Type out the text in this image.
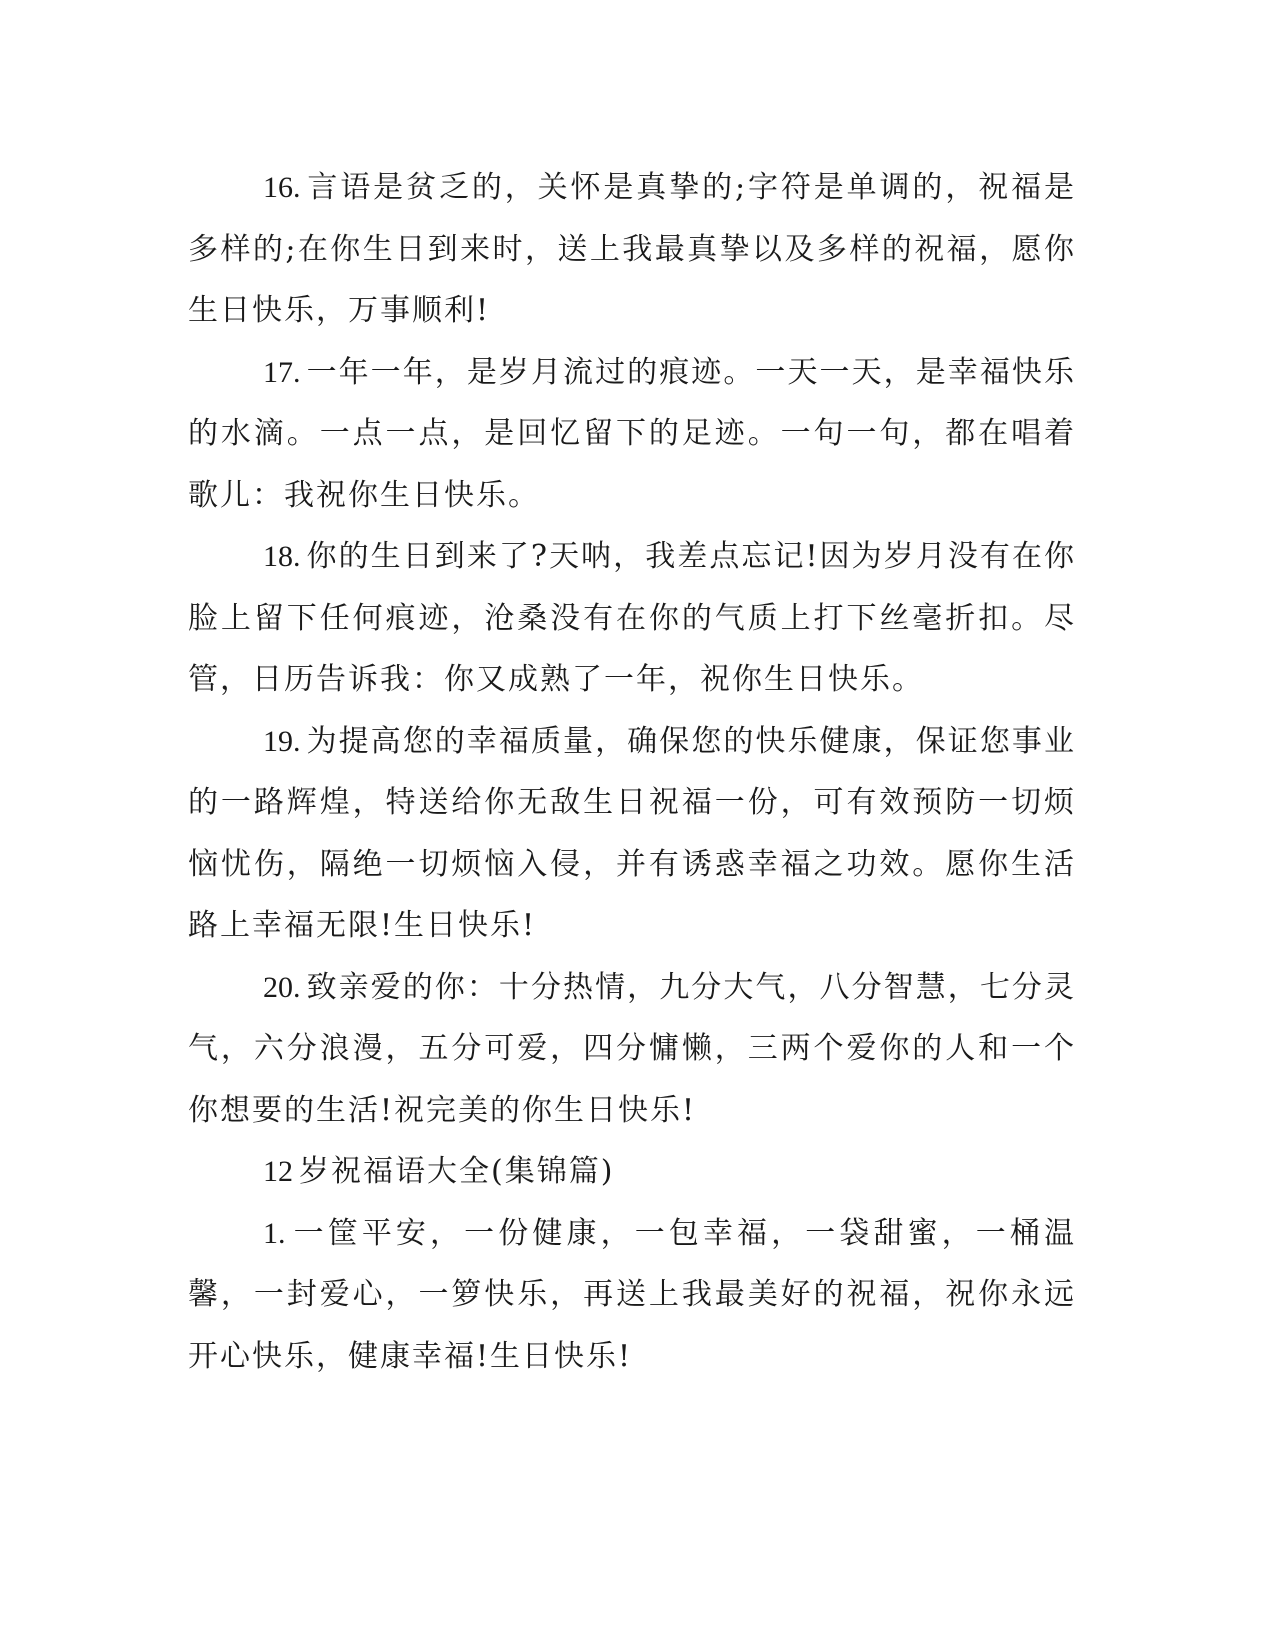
16. 言语是贫乏的，关怀是真挚的;字符是单调的，祝福是多样的;在你生日到来时，送上我最真挚以及多样的祝福，愿你生日快乐，万事顺利!

17. 一年一年，是岁月流过的痕迹。一天一天，是幸福快乐的水滴。一点一点，是回忆留下的足迹。一句一句，都在唱着歌儿：我祝你生日快乐。

18. 你的生日到来了?天呐，我差点忘记!因为岁月没有在你脸上留下任何痕迹，沧桑没有在你的气质上打下丝毫折扣。尽管，日历告诉我：你又成熟了一年，祝你生日快乐。

19. 为提高您的幸福质量，确保您的快乐健康，保证您事业的一路辉煌，特送给你无敌生日祝福一份，可有效预防一切烦恼忧伤，隔绝一切烦恼入侵，并有诱惑幸福之功效。愿你生活路上幸福无限!生日快乐!

20. 致亲爱的你：十分热情，九分大气，八分智慧，七分灵气，六分浪漫，五分可爱，四分慵懒，三两个爱你的人和一个你想要的生活!祝完美的你生日快乐!

12 岁祝福语大全(集锦篇)

1. 一筐平安，一份健康，一包幸福，一袋甜蜜，一桶温馨，一封爱心，一箩快乐，再送上我最美好的祝福，祝你永远开心快乐，健康幸福!生日快乐!
